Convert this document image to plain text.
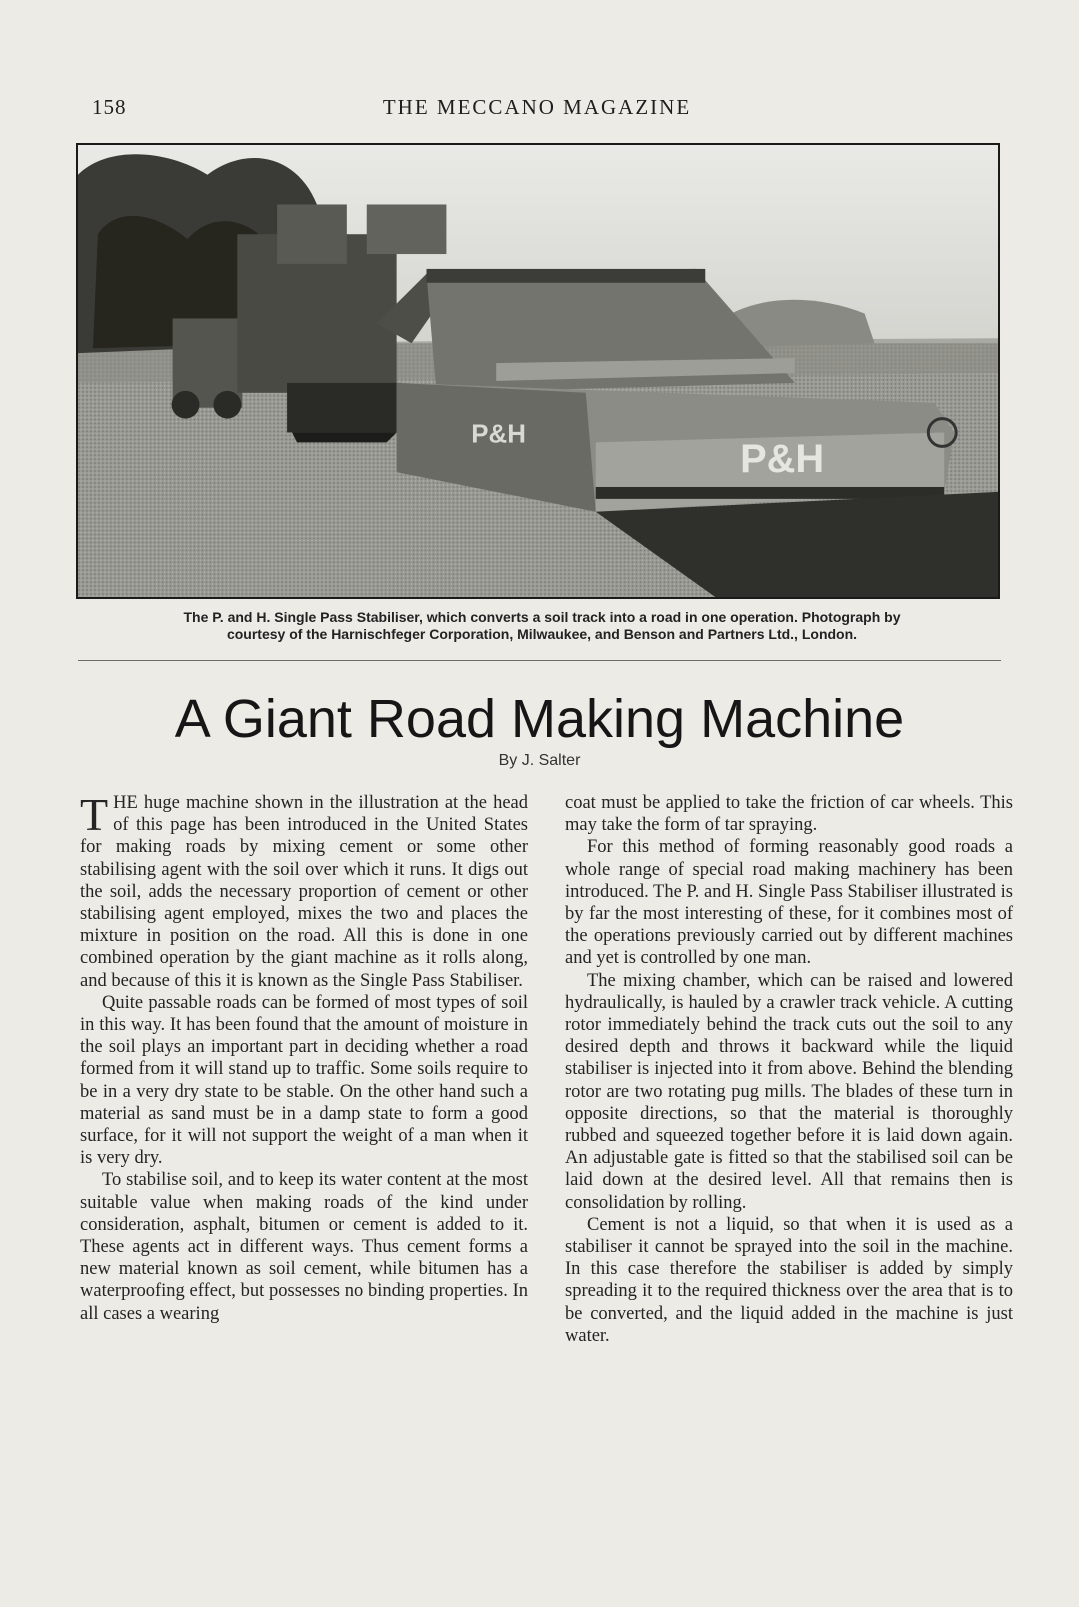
158	THE MECCANO MAGAZINE
P&H
P&H
The P. and H. Single Pass Stabiliser, which converts a soil track into a road in one operation. Photograph by
courtesy of the Harnischfeger Corporation, Milwaukee, and Benson and Partners Ltd., London.
A Giant Road Making Machine
By J. Salter

THE huge machine shown in the illustration at the head of this page has been introduced in the United States for making roads by mixing cement or some other stabilising agent with the soil over which it runs. It digs out the soil, adds the necessary proportion of cement or other stabilising agent employed, mixes the two and places the mixture in position on the road. All this is done in one combined operation by the giant machine as it rolls along, and because of this it is known as the Single Pass Stabiliser.

Quite passable roads can be formed of most types of soil in this way. It has been found that the amount of moisture in the soil plays an important part in deciding whether a road formed from it will stand up to traffic. Some soils require to be in a very dry state to be stable. On the other hand such a material as sand must be in a damp state to form a good surface, for it will not support the weight of a man when it is very dry.

To stabilise soil, and to keep its water content at the most suitable value when making roads of the kind under consideration, asphalt, bitumen or cement is added to it. These agents act in different ways. Thus cement forms a new material known as soil cement, while bitumen has a waterproofing effect, but possesses no binding properties. In all cases a wearing

coat must be applied to take the friction of car wheels. This may take the form of tar spraying.

For this method of forming reasonably good roads a whole range of special road making machinery has been introduced. The P. and H. Single Pass Stabiliser illustrated is by far the most interesting of these, for it combines most of the operations previously carried out by different machines and yet is controlled by one man.

The mixing chamber, which can be raised and lowered hydraulically, is hauled by a crawler track vehicle. A cutting rotor immediately behind the track cuts out the soil to any desired depth and throws it backward while the liquid stabiliser is injected into it from above. Behind the blending rotor are two rotating pug mills. The blades of these turn in opposite directions, so that the material is thoroughly rubbed and squeezed together before it is laid down again. An adjustable gate is fitted so that the stabilised soil can be laid down at the desired level. All that remains then is consolidation by rolling.

Cement is not a liquid, so that when it is used as a stabiliser it cannot be sprayed into the soil in the machine. In this case therefore the stabiliser is added by simply spreading it to the required thickness over the area that is to be converted, and the liquid added in the machine is just water.
